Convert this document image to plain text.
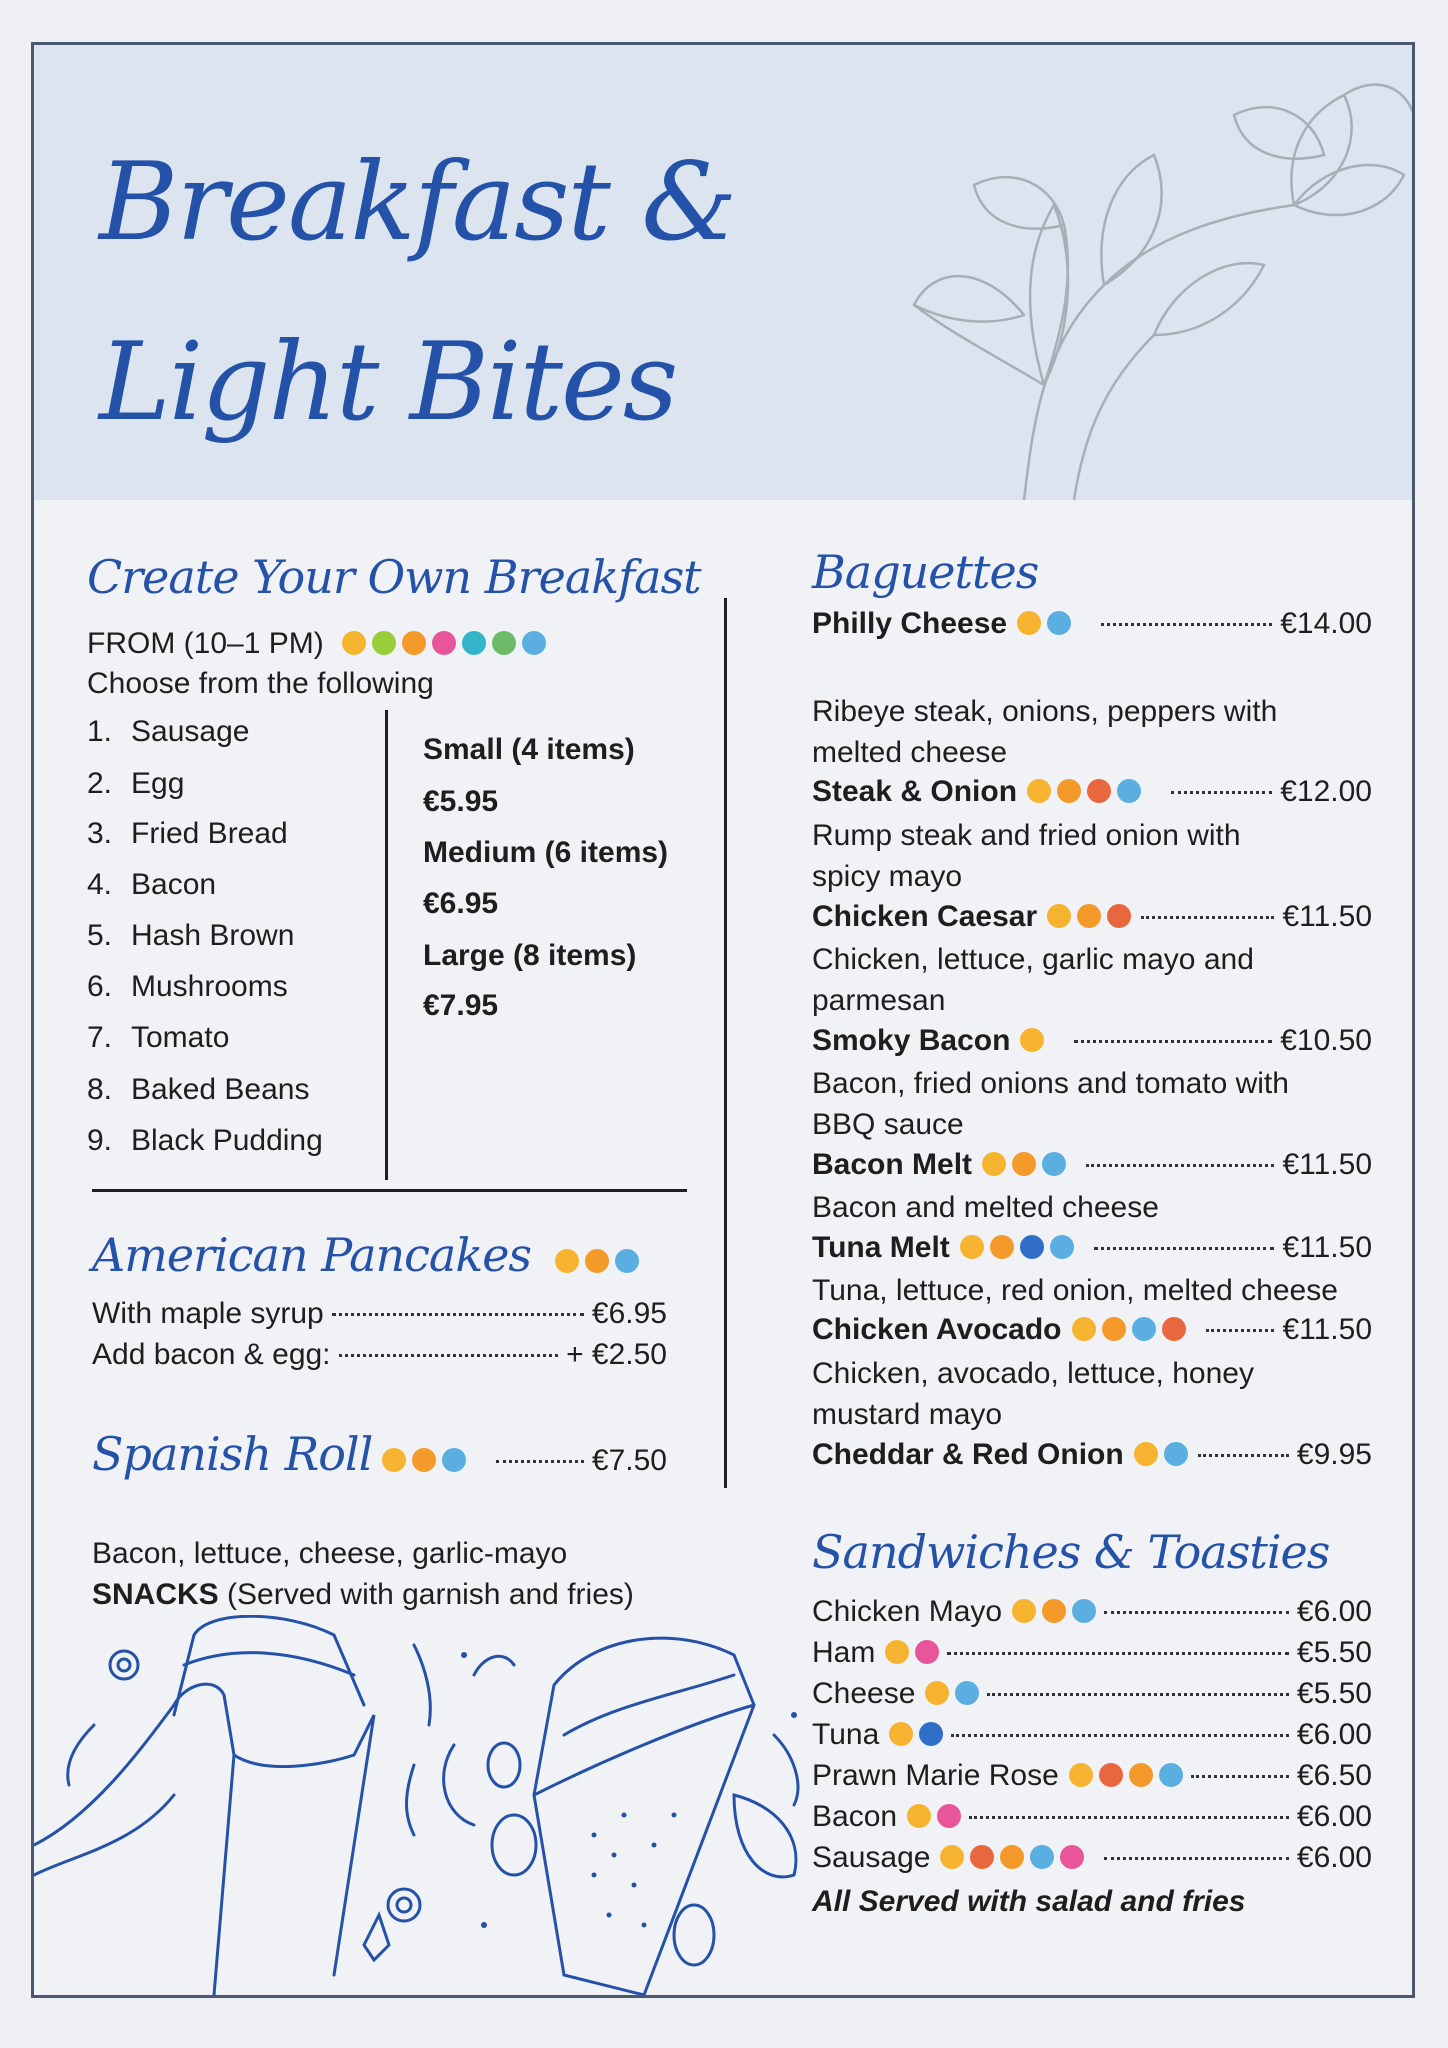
Breakfast &
Light Bites
Create Your Own Breakfast
FROM (10–1 PM)
Choose from the following
1. Sausage
2. Egg
3. Fried Bread
4. Bacon
5. Hash Brown
6. Mushrooms
7. Tomato
8. Baked Beans
9. Black Pudding
Small (4 items)
€5.95
Medium (6 items)
€6.95
Large (8 items)
€7.95
American Pancakes
With maple syrup	€6.95
Add bacon & egg:	+ €2.50
Spanish Roll	€7.50
Bacon, lettuce, cheese, garlic-mayo
SNACKS (Served with garnish and fries)
Baguettes
Philly Cheese	€14.00
Ribeye steak, onions, peppers with
melted cheese
Steak & Onion	€12.00
Rump steak and fried onion with
spicy mayo
Chicken Caesar	€11.50
Chicken, lettuce, garlic mayo and
parmesan
Smoky Bacon	€10.50
Bacon, fried onions and tomato with
BBQ sauce
Bacon Melt	€11.50
Bacon and melted cheese
Tuna Melt	€11.50
Tuna, lettuce, red onion, melted cheese
Chicken Avocado	€11.50
Chicken, avocado, lettuce, honey
mustard mayo
Cheddar & Red Onion	€9.95
Sandwiches & Toasties
Chicken Mayo	€6.00
Ham	€5.50
Cheese	€5.50
Tuna	€6.00
Prawn Marie Rose	€6.50
Bacon	€6.00
Sausage	€6.00
All Served with salad and fries
